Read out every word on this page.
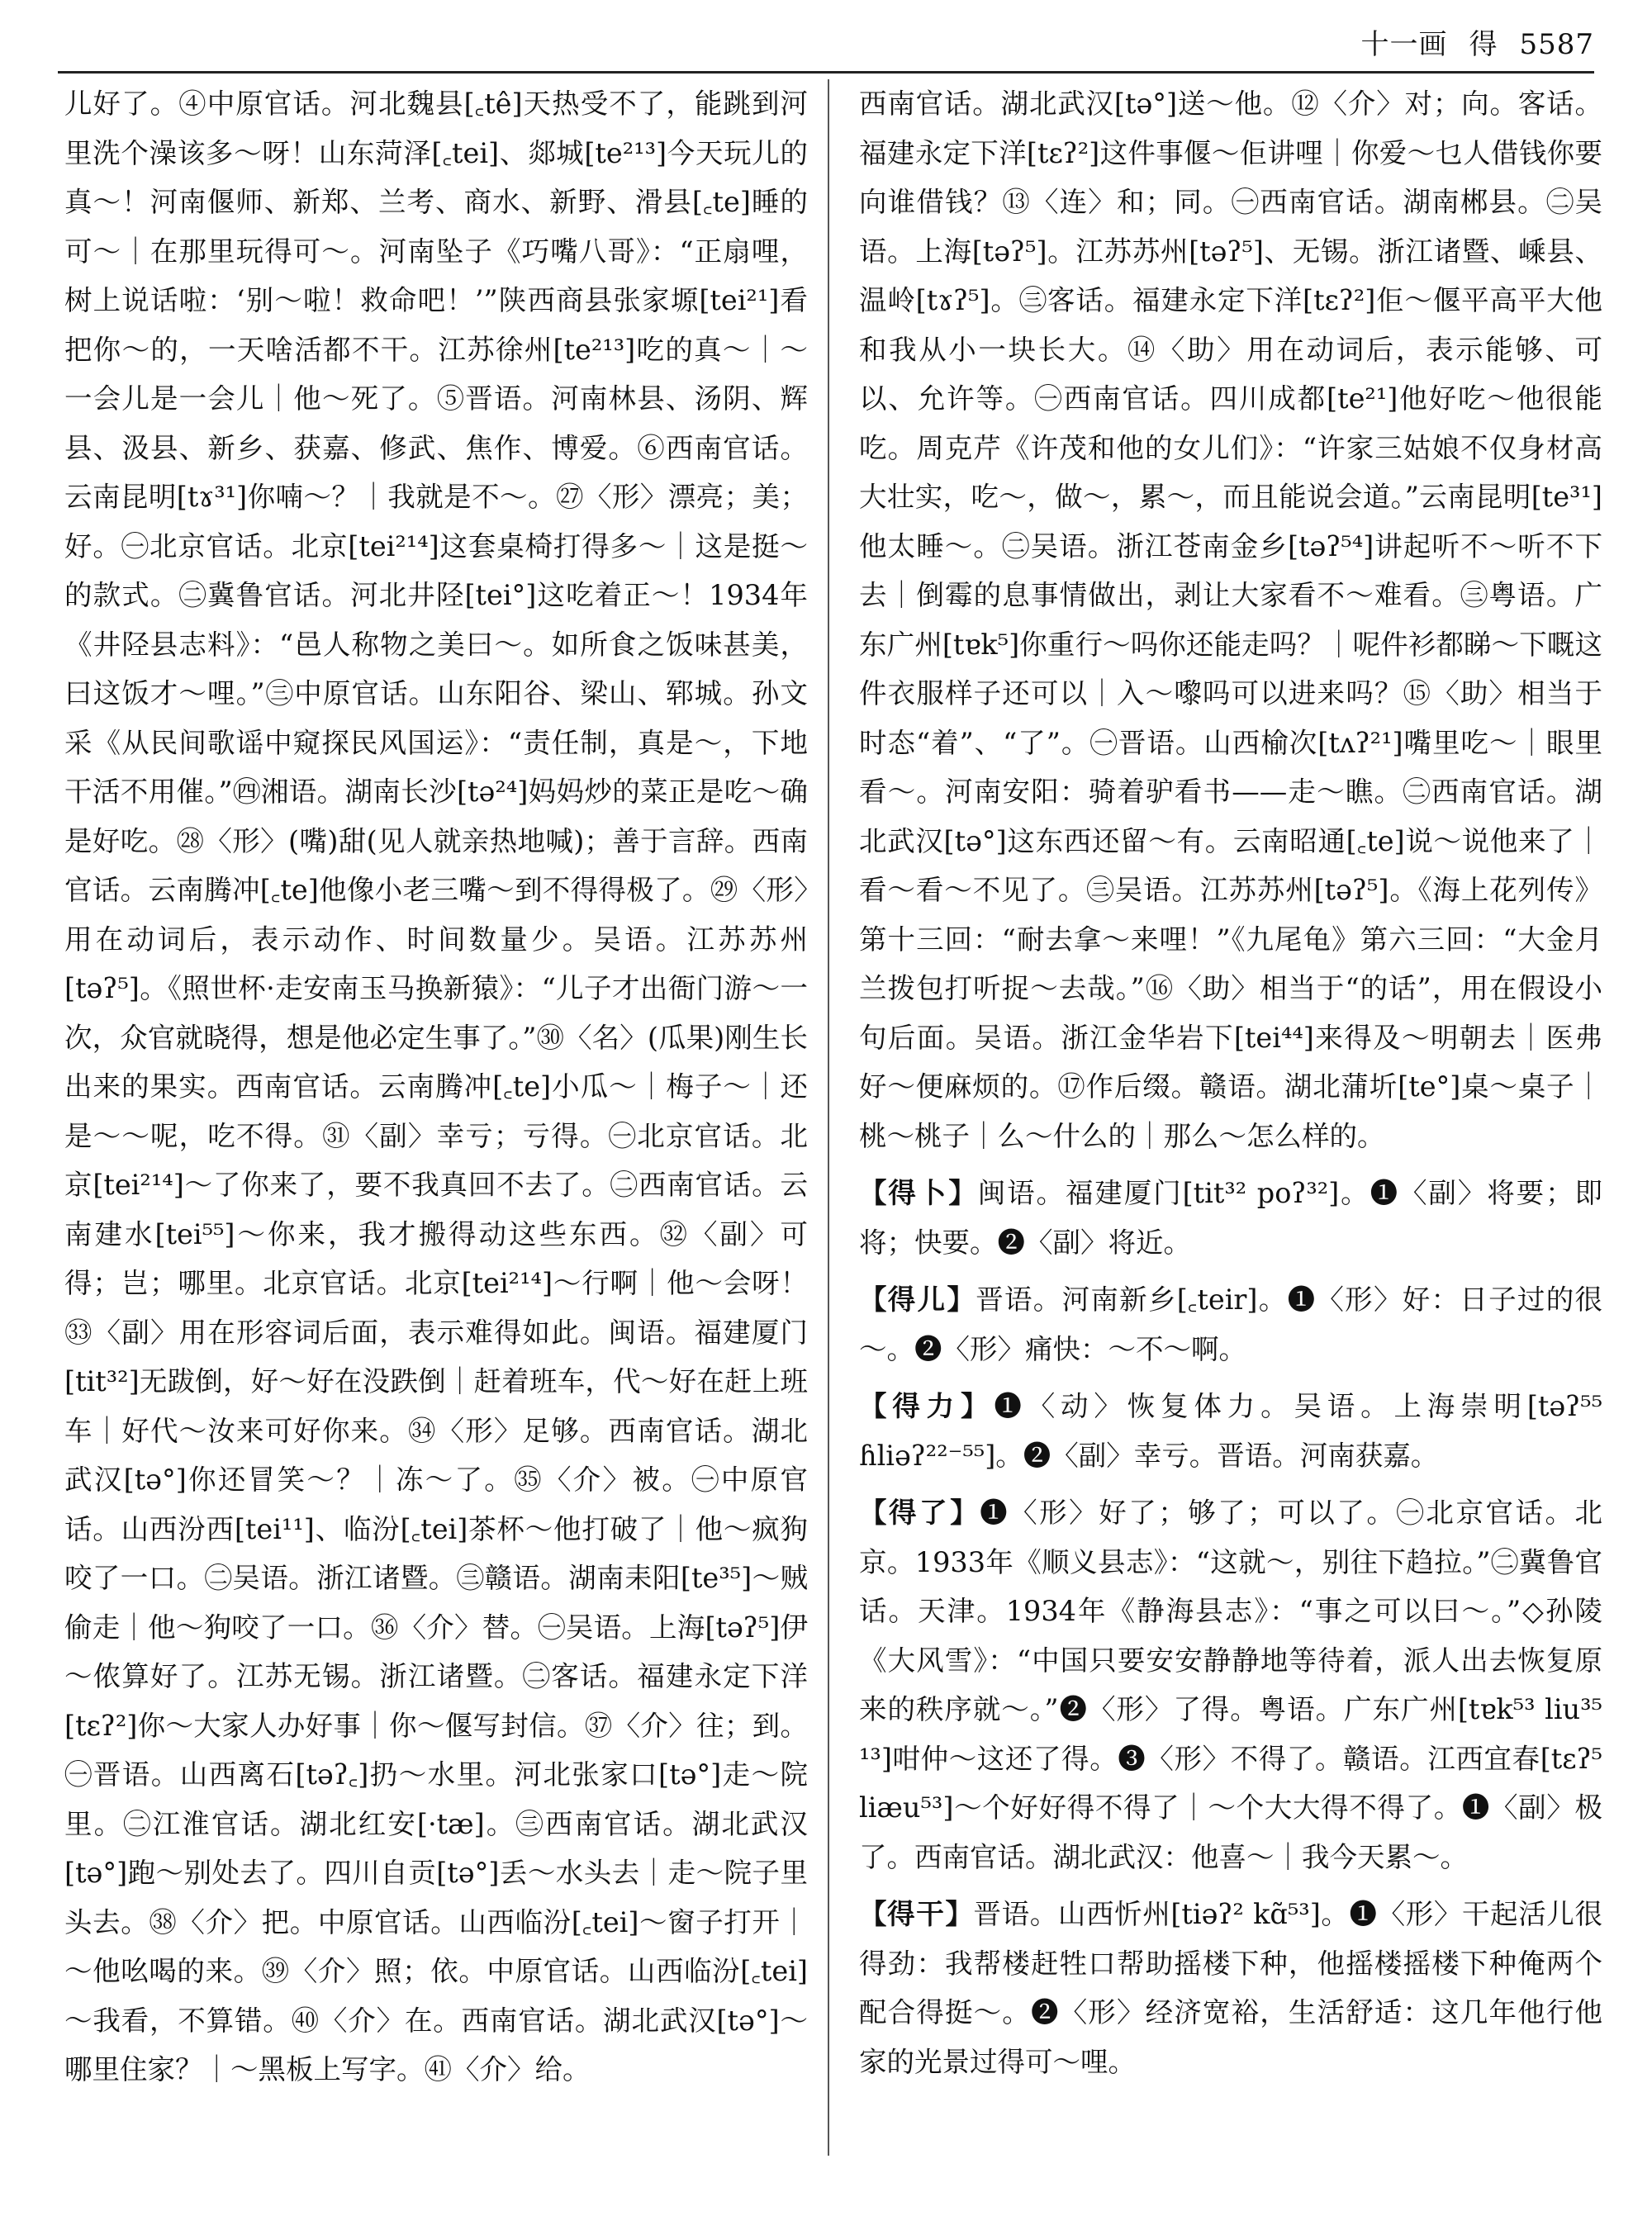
十一画 得 5587
儿好了。④中原官话。河北魏县[꜀tê]天热受不了，能跳到河里洗个澡该多～呀！山东菏泽[꜀tei]、郯城[te²¹³]今天玩儿的真～！河南偃师、新郑、兰考、商水、新野、滑县[꜀te]睡的可～｜在那里玩得可～。河南坠子《巧嘴八哥》：“正扇哩，树上说话啦：‘别～啦！救命吧！’”陕西商县张家塬[tei²¹]看把你～的，一天啥活都不干。江苏徐州[te²¹³]吃的真～｜～一会儿是一会儿｜他～死了。⑤晋语。河南林县、汤阴、辉县、汲县、新乡、获嘉、修武、焦作、博爱。⑥西南官话。云南昆明[tɤ³¹]你喃～？｜我就是不～。㉗〈形〉漂亮；美；好。㊀北京官话。北京[tei²¹⁴]这套桌椅打得多～｜这是挺～的款式。㊁冀鲁官话。河北井陉[tei°]这吃着正～！1934年《井陉县志料》：“邑人称物之美曰～。如所食之饭味甚美，曰这饭才～哩。”㊂中原官话。山东阳谷、梁山、郓城。孙文采《从民间歌谣中窥探民风国运》：“责任制，真是～，下地干活不用催。”㊃湘语。湖南长沙[tə²⁴]妈妈炒的菜正是吃～确是好吃。㉘〈形〉(嘴)甜(见人就亲热地喊)；善于言辞。西南官话。云南腾冲[꜀te]他像小老三嘴～到不得得极了。㉙〈形〉用在动词后，表示动作、时间数量少。吴语。江苏苏州[təʔ⁵]。《照世杯·走安南玉马换新猿》：“儿子才出衙门游～一次，众官就晓得，想是他必定生事了。”㉚〈名〉(瓜果)刚生长出来的果实。西南官话。云南腾冲[꜀te]小瓜～｜梅子～｜还是～～呢，吃不得。㉛〈副〉幸亏；亏得。㊀北京官话。北京[tei²¹⁴]～了你来了，要不我真回不去了。㊁西南官话。云南建水[tei⁵⁵]～你来，我才搬得动这些东西。㉜〈副〉可得；岂；哪里。北京官话。北京[tei²¹⁴]～行啊｜他～会呀！㉝〈副〉用在形容词后面，表示难得如此。闽语。福建厦门[tit³²]无跋倒，好～好在没跌倒｜赶着班车，代～好在赶上班车｜好代～汝来可好你来。㉞〈形〉足够。西南官话。湖北武汉[tə°]你还冒笑～？｜冻～了。㉟〈介〉被。㊀中原官话。山西汾西[tei¹¹]、临汾[꜀tei]茶杯～他打破了｜他～疯狗咬了一口。㊁吴语。浙江诸暨。㊂赣语。湖南耒阳[te³⁵]～贼偷走｜他～狗咬了一口。㊱〈介〉替。㊀吴语。上海[təʔ⁵]伊～侬算好了。江苏无锡。浙江诸暨。㊁客话。福建永定下洋[tɛʔ²]你～大家人办好事｜你～偃写封信。㊲〈介〉往；到。㊀晋语。山西离石[təʔ꜀]扔～水里。河北张家口[tə°]走～院里。㊁江淮官话。湖北红安[·tæ]。㊂西南官话。湖北武汉[tə°]跑～别处去了。四川自贡[tə°]丢～水头去｜走～院子里头去。㊳〈介〉把。中原官话。山西临汾[꜀tei]～窗子打开｜～他吆喝的来。㊴〈介〉照；依。中原官话。山西临汾[꜀tei]～我看，不算错。㊵〈介〉在。西南官话。湖北武汉[tə°]～哪里住家？｜～黑板上写字。㊶〈介〉给。
西南官话。湖北武汉[tə°]送～他。⑫〈介〉对；向。客话。福建永定下洋[tɛʔ²]这件事偃～佢讲哩｜你爱～乜人借钱你要向谁借钱？⑬〈连〉和；同。㊀西南官话。湖南郴县。㊁吴语。上海[təʔ⁵]。江苏苏州[təʔ⁵]、无锡。浙江诸暨、嵊县、温岭[tɤʔ⁵]。㊂客话。福建永定下洋[tɛʔ²]佢～偃平高平大他和我从小一块长大。⑭〈助〉用在动词后，表示能够、可以、允许等。㊀西南官话。四川成都[te²¹]他好吃～他很能吃。周克芹《许茂和他的女儿们》：“许家三姑娘不仅身材高大壮实，吃～，做～，累～，而且能说会道。”云南昆明[te³¹]他太睡～。㊁吴语。浙江苍南金乡[təʔ⁵⁴]讲起听不～听不下去｜倒霉的息事情做出，剥让大家看不～难看。㊂粤语。广东广州[tɐk⁵]你重行～吗你还能走吗？｜呢件衫都睇～下嘅这件衣服样子还可以｜入～嚟吗可以进来吗？⑮〈助〉相当于时态“着”、“了”。㊀晋语。山西榆次[tʌʔ²¹]嘴里吃～｜眼里看～。河南安阳：骑着驴看书——走～瞧。㊁西南官话。湖北武汉[tə°]这东西还留～有。云南昭通[꜀te]说～说他来了｜看～看～不见了。㊂吴语。江苏苏州[təʔ⁵]。《海上花列传》第十三回：“耐去拿～来哩！”《九尾龟》第六三回：“大金月兰拨包打听捉～去哉。”⑯〈助〉相当于“的话”，用在假设小句后面。吴语。浙江金华岩下[tei⁴⁴]来得及～明朝去｜医弗好～便麻烦的。⑰作后缀。赣语。湖北蒲圻[te°]桌～桌子｜桃～桃子｜么～什么的｜那么～怎么样的。
【得卜】闽语。福建厦门[tit³² poʔ³²]。❶〈副〉将要；即将；快要。❷〈副〉将近。
【得儿】晋语。河南新乡[꜀teir]。❶〈形〉好：日子过的很～。❷〈形〉痛快：～不～啊。
【得力】❶〈动〉恢复体力。吴语。上海崇明[təʔ⁵⁵ ɦliəʔ²²⁻⁵⁵]。❷〈副〉幸亏。晋语。河南获嘉。
【得了】❶〈形〉好了；够了；可以了。㊀北京官话。北京。1933年《顺义县志》：“这就～，别往下趋拉。”㊁冀鲁官话。天津。1934年《静海县志》：“事之可以曰～。”◇孙陵《大风雪》：“中国只要安安静静地等待着，派人出去恢复原来的秩序就～。”❷〈形〉了得。粤语。广东广州[tɐk⁵³ liu³⁵ ¹³]咁仲～这还了得。❸〈形〉不得了。赣语。江西宜春[tɛʔ⁵ liæu⁵³]～个好好得不得了｜～个大大得不得了。❶〈副〉极了。西南官话。湖北武汉：他喜～｜我今天累～。
【得干】晋语。山西忻州[tiəʔ² kɑ̃⁵³]。❶〈形〉干起活儿很得劲：我帮楼赶牲口帮助摇楼下种，他摇楼摇楼下种俺两个配合得挺～。❷〈形〉经济宽裕，生活舒适：这几年他行他家的光景过得可～哩。
